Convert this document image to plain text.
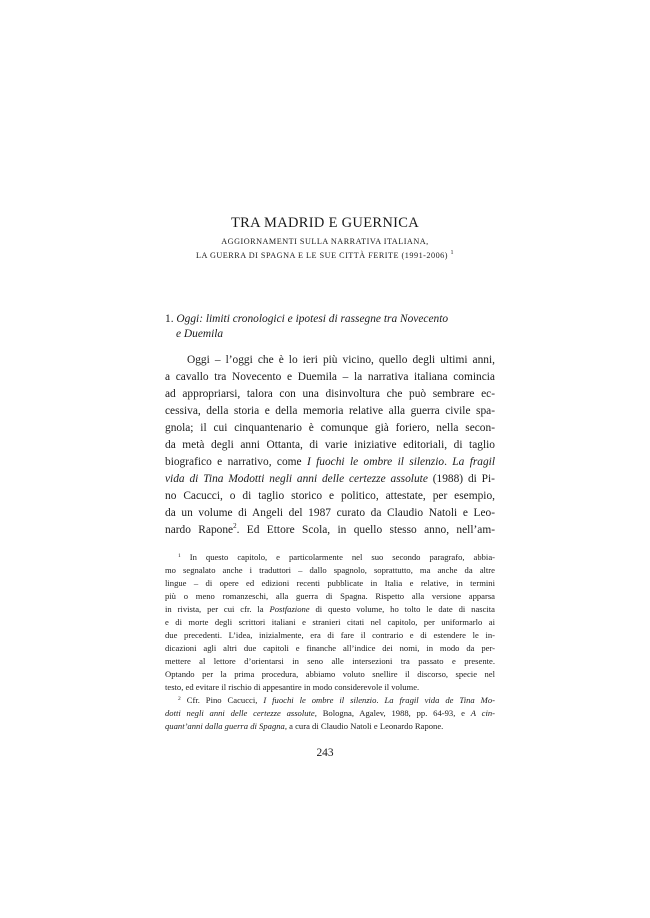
TRA MADRID E GUERNICA
AGGIORNAMENTI SULLA NARRATIVA ITALIANA,
LA GUERRA DI SPAGNA E LE SUE CITTÀ FERITE (1991-2006) $^1$
1. Oggi: limiti cronologici e ipotesi di rassegne tra Novecento
e Duemila
Oggi – l’oggi che è lo ieri più vicino, quello degli ultimi anni,
a cavallo tra Novecento e Duemila – la narrativa italiana comincia
ad appropriarsi, talora con una disinvoltura che può sembrare ec-
cessiva, della storia e della memoria relative alla guerra civile spa-
gnola; il cui cinquantenario è comunque già foriero, nella secon-
da metà degli anni Ottanta, di varie iniziative editoriali, di taglio
biografico e narrativo, come I fuochi le ombre il silenzio. La fragil
vida di Tina Modotti negli anni delle certezze assolute (1988) di Pi-
no Cacucci, o di taglio storico e politico, attestate, per esempio,
da un volume di Angeli del 1987 curato da Claudio Natoli e Leo-
nardo Rapone$^2$. Ed Ettore Scola, in quello stesso anno, nell’am-
$^1$ In questo capitolo, e particolarmente nel suo secondo paragrafo, abbia-
mo segnalato anche i traduttori – dallo spagnolo, soprattutto, ma anche da altre
lingue – di opere ed edizioni recenti pubblicate in Italia e relative, in termini
più o meno romanzeschi, alla guerra di Spagna. Rispetto alla versione apparsa
in rivista, per cui cfr. la Postfazione di questo volume, ho tolto le date di nascita
e di morte degli scrittori italiani e stranieri citati nel capitolo, per uniformarlo ai
due precedenti. L’idea, inizialmente, era di fare il contrario e di estendere le in-
dicazioni agli altri due capitoli e finanche all’indice dei nomi, in modo da per-
mettere al lettore d’orientarsi in seno alle intersezioni tra passato e presente.
Optando per la prima procedura, abbiamo voluto snellire il discorso, specie nel
testo, ed evitare il rischio di appesantire in modo considerevole il volume.
$^2$ Cfr. Pino Cacucci, I fuochi le ombre il silenzio. La fragil vida de Tina Mo-
dotti negli anni delle certezze assolute, Bologna, Agalev, 1988, pp. 64-93, e A cin-
quant’anni dalla guerra di Spagna, a cura di Claudio Natoli e Leonardo Rapone.
243
